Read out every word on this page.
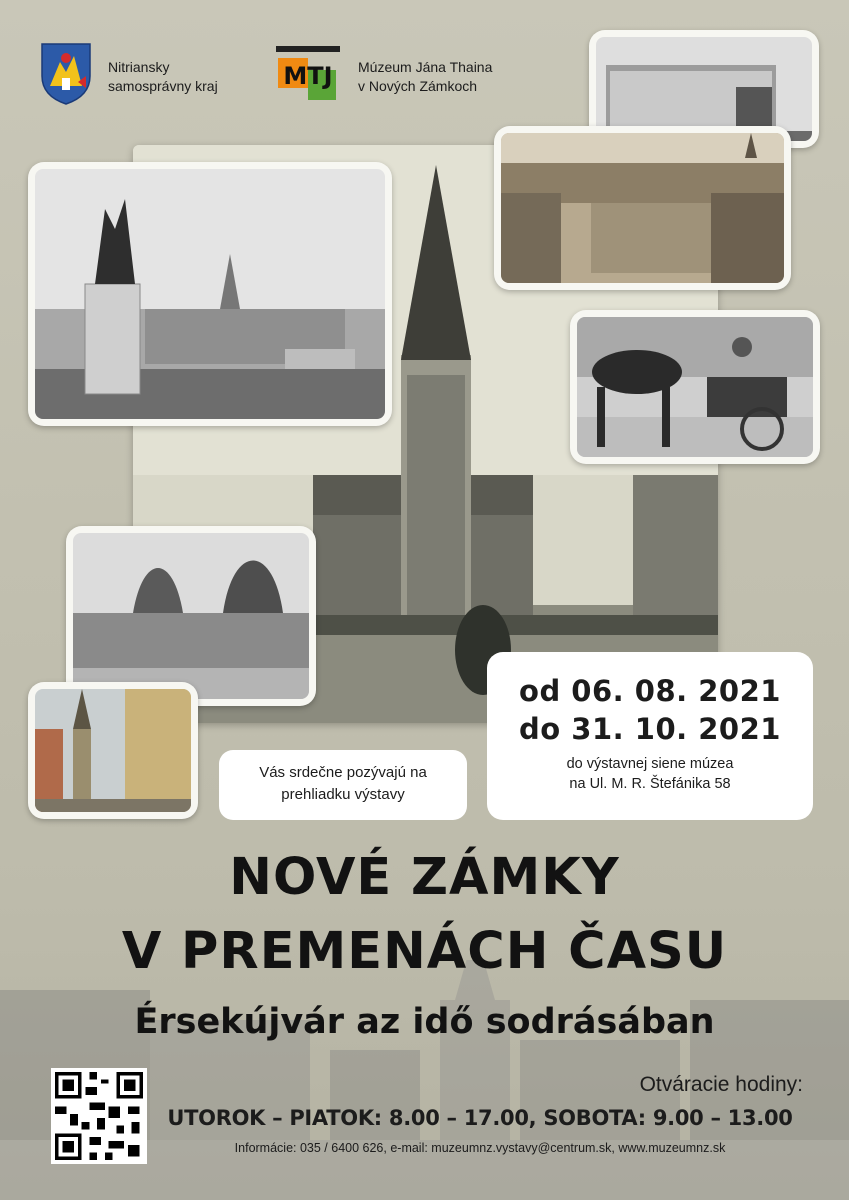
Nitriansky
samosprávny kraj	MTJ Múzeum Jána Thaina
v Nových Zámkoch
Vás srdečne pozývajú na
prehliadku výstavy
od 06. 08. 2021
do 31. 10. 2021
do výstavnej siene múzea
na Ul. M. R. Štefánika 58
NOVÉ ZÁMKY
V PREMENÁCH ČASU
Érsekújvár az idő sodrásában
Otváracie hodiny:
UTOROK – PIATOK: 8.00 – 17.00, SOBOTA: 9.00 – 13.00
Informácie: 035 / 6400 626, e-mail: muzeumnz.vystavy@centrum.sk, www.muzeumnz.sk
